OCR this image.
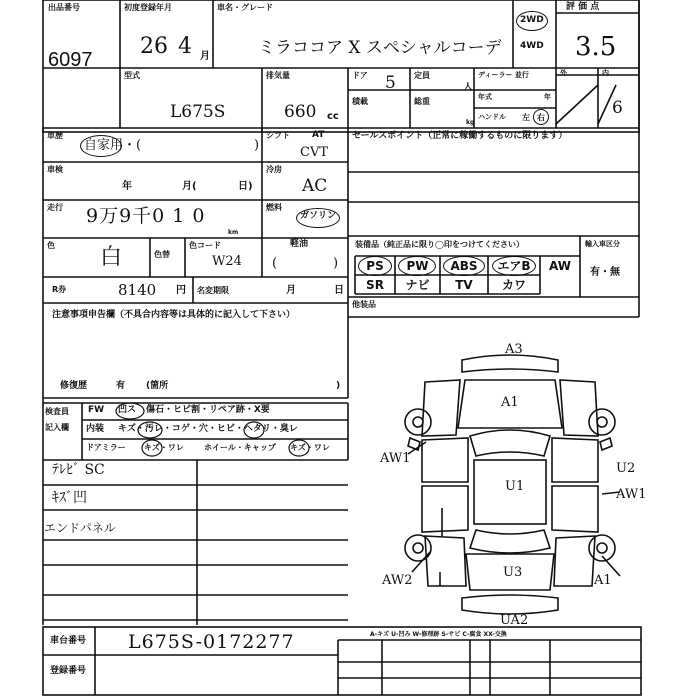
出品番号
6097
初度登録年月
26 4 月
車名・グレード
ミラココア X スペシャルコーデ
2WD
4WD
評 価 点
3.5
型式
L675S
排気量
660 cc
ドア 5 定員
人
ディーラー 並行
年式	年
積載	総重
kg
ハンドル 左 右
外	内
6
車歴
自家用・(	)
シフト AT
CVT
セールスポイント（正常に稼働するものに限ります）
車検
年	月(	日)
冷房
AC
走行 9万9千0 1 0
km
燃料
ガソリン
軽油
色 白	色替
色コード
W24 (	)
R券	8140 円 名変期限	月	日
装備品（純正品に限り◯印をつけてください）
PS	PW	ABS	エアB	AW
SR	ナビ	TV	カワ
輸入車区分
有・無
他装品
注意事項申告欄（不具合内容等は具体的に記入して下さい）
修復歴	有 (箇所	)
検査員
記入欄
FW 凹ス 傷石・ヒビ割・リペア跡・X要
内装 キズ・汚レ・コゲ・穴・ヒビ・ヘタリ・臭レ
ドアミラー キズ・ワレ	ホイール・キャップ キズ・ワレ
ﾃﾚﾋﾞ SC
ｷｽﾞ凹
エンドパネル
A3
A1
AW1
U1
U2
AW1
AW2
U3
A1
UA2
車台番号 L675S-0172277
登録番号
A-キズ U-凹み W-修理跡 S-サビ C-腐食 XX-交換
